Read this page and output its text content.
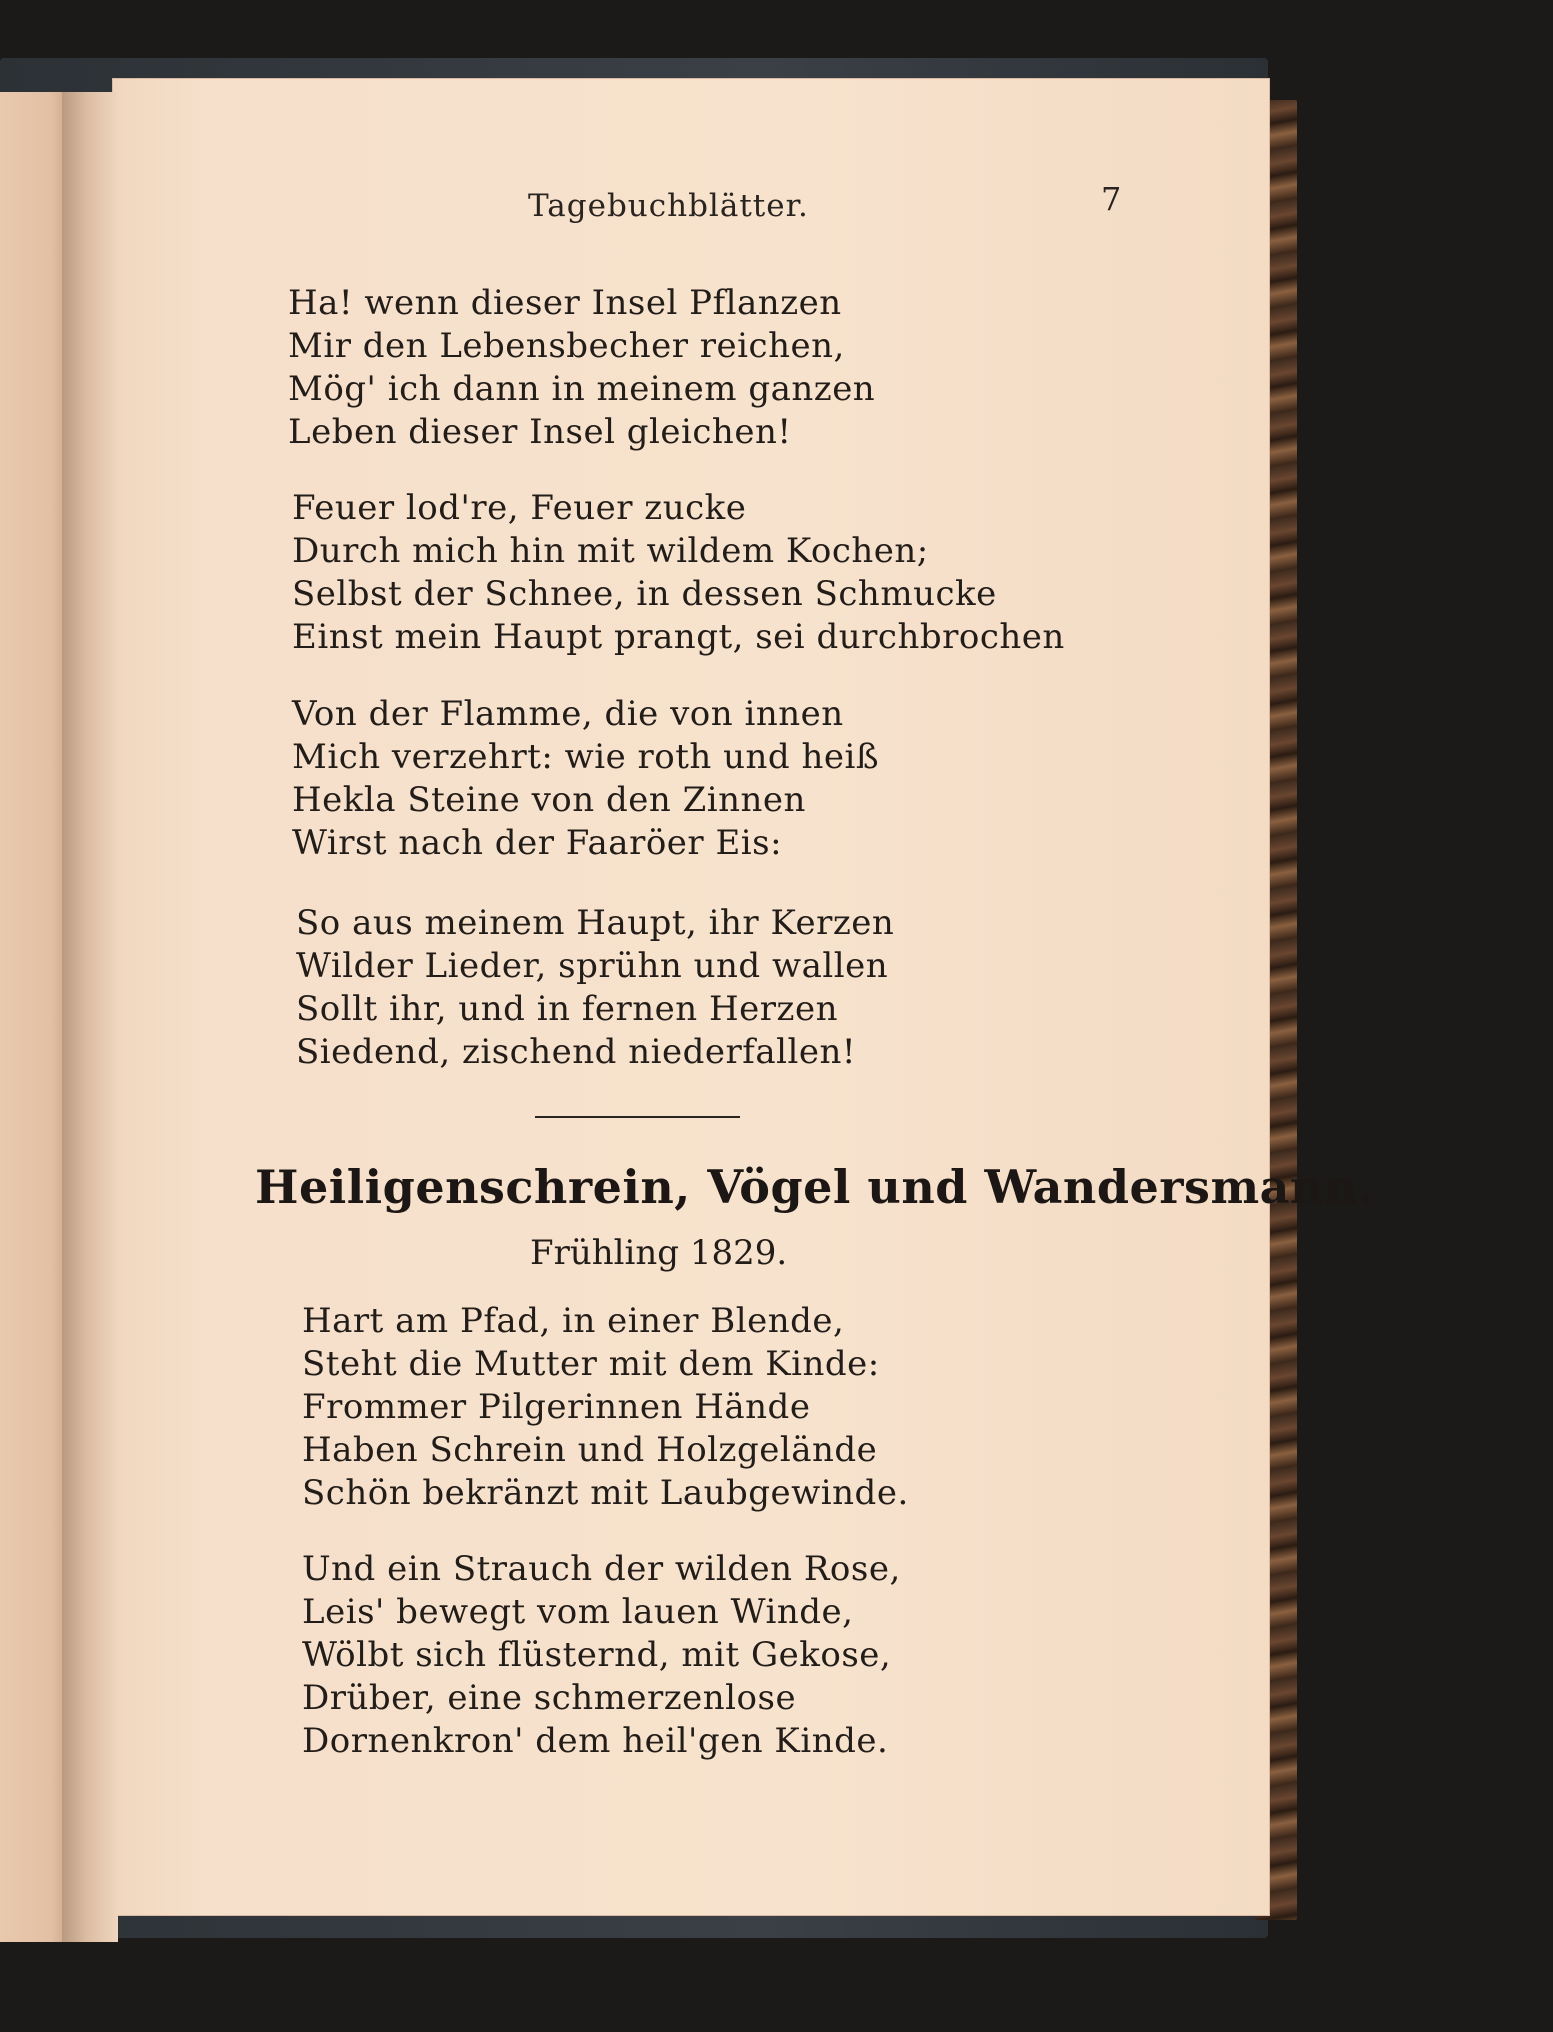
Tagebuchblätter.	7
Ha! wenn dieser Insel Pflanzen
Mir den Lebensbecher reichen,
Mög' ich dann in meinem ganzen
Leben dieser Insel gleichen!
Feuer lod're, Feuer zucke
Durch mich hin mit wildem Kochen;
Selbst der Schnee, in dessen Schmucke
Einst mein Haupt prangt, sei durchbrochen
Von der Flamme, die von innen
Mich verzehrt: wie roth und heiß
Hekla Steine von den Zinnen
Wirst nach der Faaröer Eis:
So aus meinem Haupt, ihr Kerzen
Wilder Lieder, sprühn und wallen
Sollt ihr, und in fernen Herzen
Siedend, zischend niederfallen!
Heiligenschrein, Vögel und Wandersmann.
Frühling 1829.
Hart am Pfad, in einer Blende,
Steht die Mutter mit dem Kinde:
Frommer Pilgerinnen Hände
Haben Schrein und Holzgeländе
Schön bekränzt mit Laubgewinde.
Und ein Strauch der wilden Rose,
Leis' bewegt vom lauen Winde,
Wölbt sich flüsternd, mit Gekose,
Drüber, eine schmerzenlose
Dornenkron' dem heil'gen Kinde.
